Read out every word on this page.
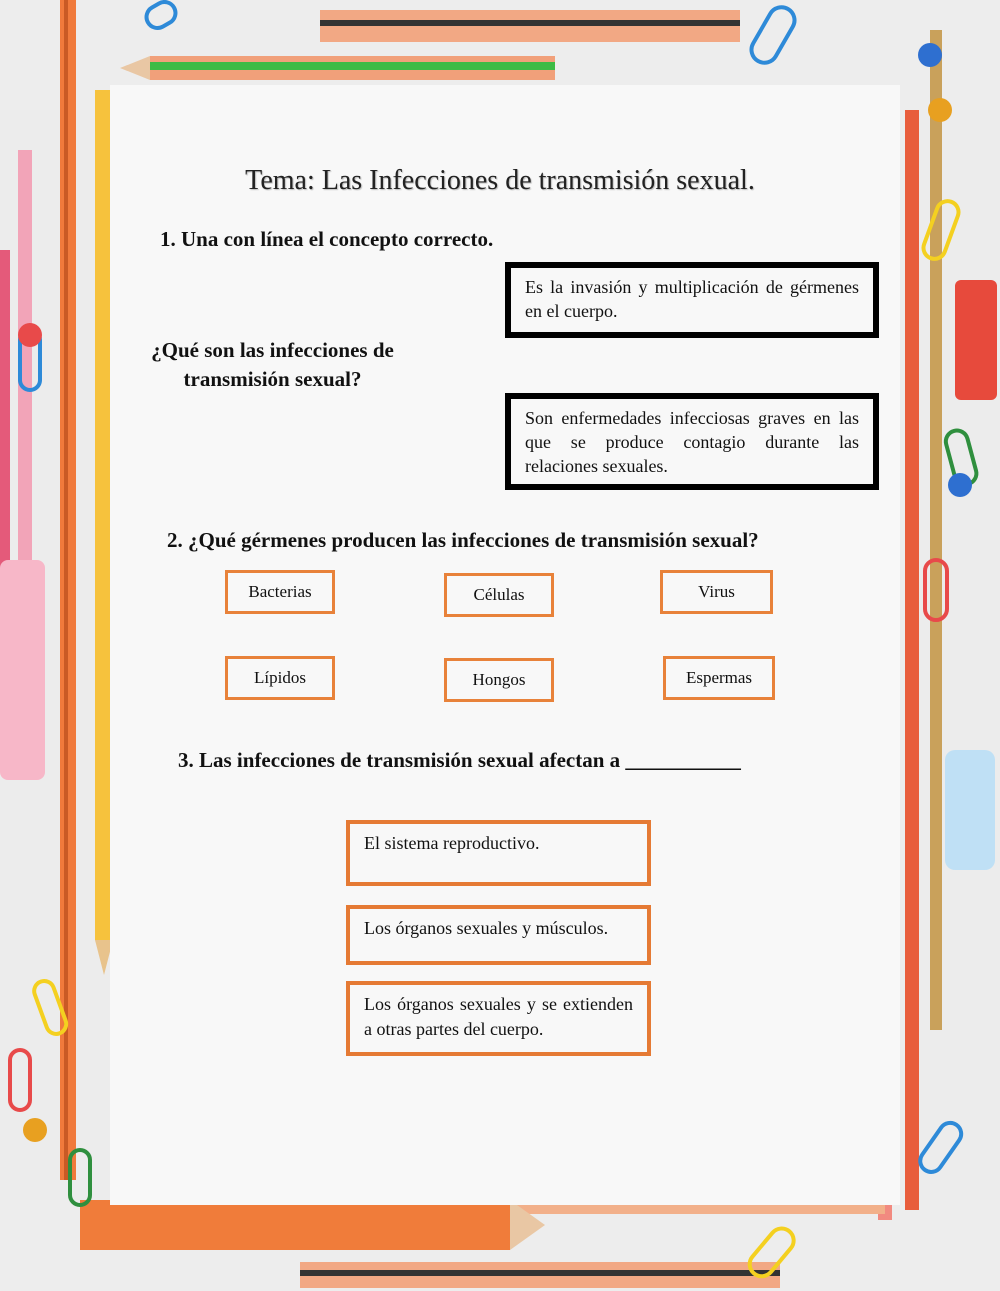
Tema: Las Infecciones de transmisión sexual.
1. Una con línea el concepto correcto.
¿Qué son las infecciones de
transmisión sexual?
Es la invasión y multiplicación de gérmenes en el cuerpo.
Son enfermedades infecciosas graves en las que se produce contagio durante las relaciones sexuales.
2. ¿Qué gérmenes producen las infecciones de transmisión sexual?
Bacterias	Células	Virus
Lípidos	Hongos	Espermas
3. Las infecciones de transmisión sexual afectan a ___________
El sistema reproductivo.
Los órganos sexuales y músculos.
Los órganos sexuales y se extienden a otras partes del cuerpo.
